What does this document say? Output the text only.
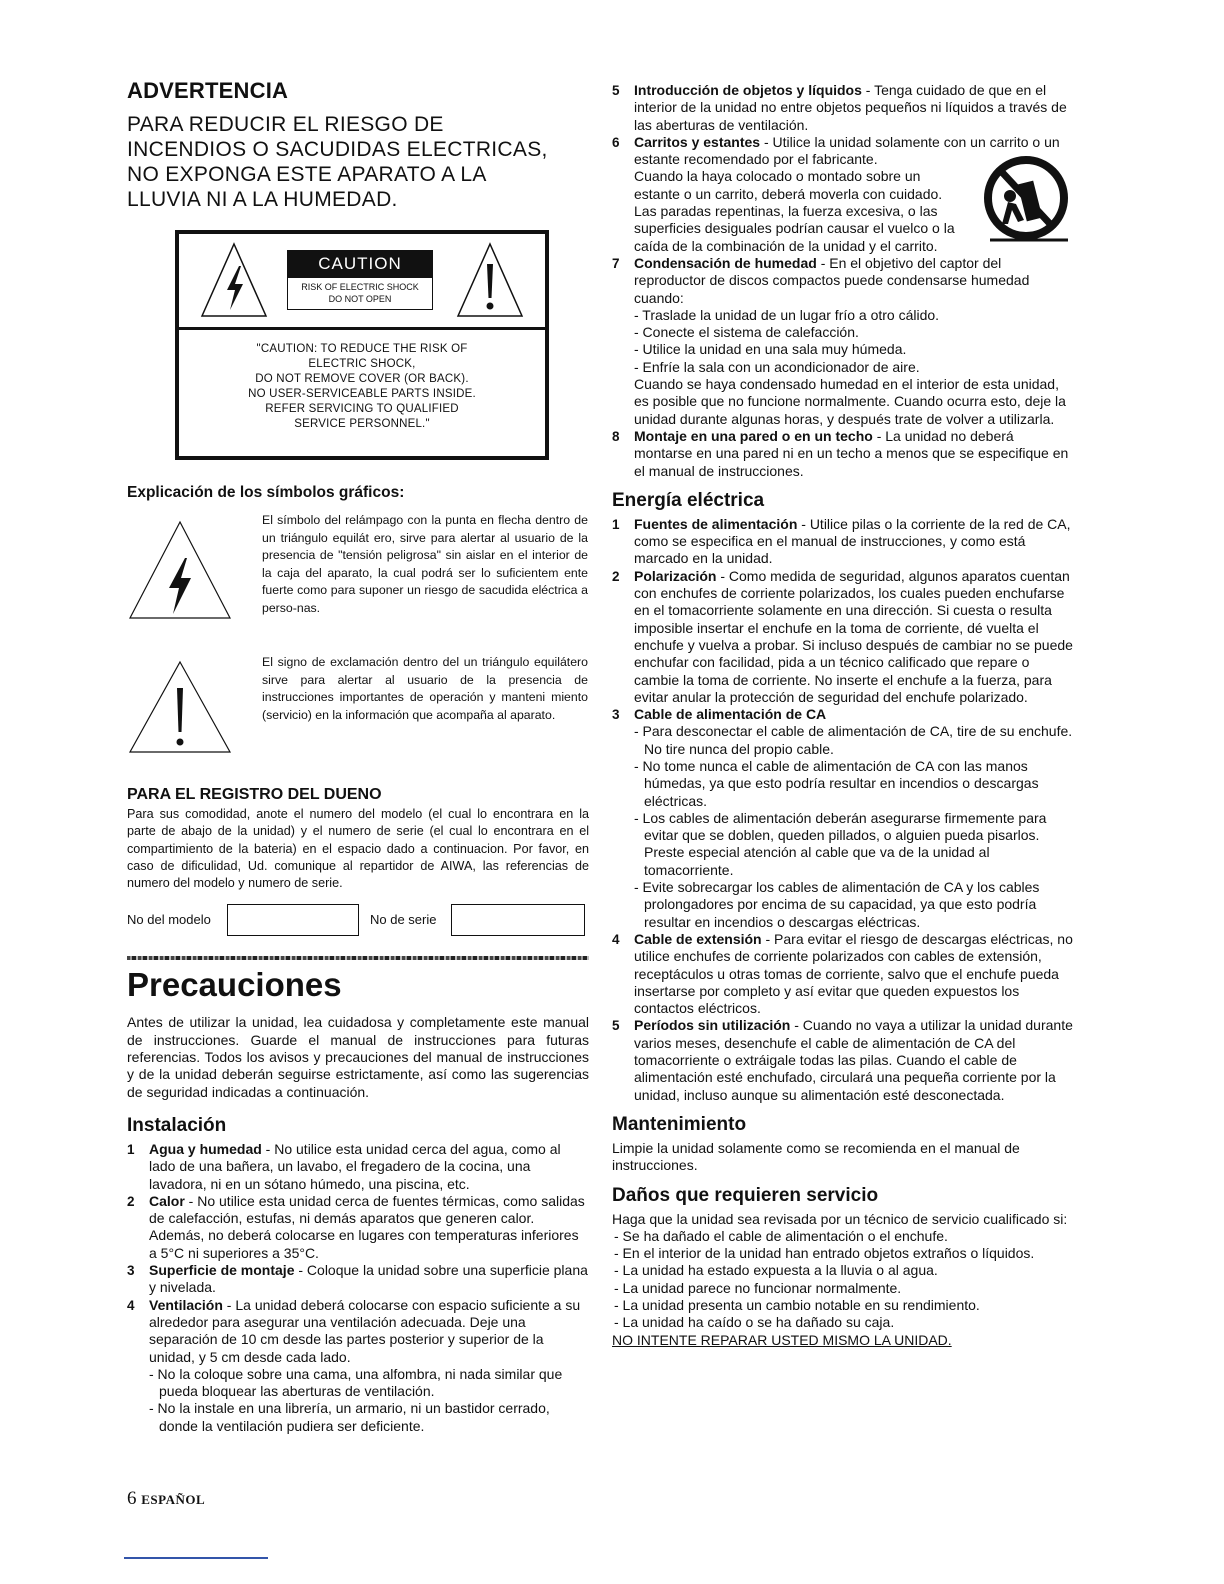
ADVERTENCIA
PARA REDUCIR EL RIESGO DE
INCENDIOS O SACUDIDAS ELECTRICAS,
NO EXPONGA ESTE APARATO A LA
LLUVIA NI A LA HUMEDAD.
CAUTION
RISK OF ELECTRIC SHOCK
DO NOT OPEN
"CAUTION: TO REDUCE THE RISK OF
ELECTRIC SHOCK,
DO NOT REMOVE COVER (OR BACK).
NO USER-SERVICEABLE PARTS INSIDE.
REFER SERVICING TO QUALIFIED
SERVICE PERSONNEL."
Explicación de los símbolos gráficos:
El símbolo del relámpago con la punta en flecha dentro de un triángulo equilát ero, sirve para alertar al usuario de la presencia de "tensión peligrosa" sin aislar en el interior de la caja del aparato, la cual podrá ser lo suficientem ente fuerte como para suponer un riesgo de sacudida eléctrica a perso-nas.
El signo de exclamación dentro del un triángulo equilátero sirve para alertar al usuario de la presencia de instrucciones importantes de operación y manteni miento (servicio) en la información que acompaña al aparato.
PARA EL REGISTRO DEL DUENO

Para sus comodidad, anote el numero del modelo (el cual lo encontrara en la parte de abajo de la unidad) y el numero de serie (el cual lo encontrara en el compartimiento de la bateria) en el espacio dado a continuacion. Por favor, en caso de dificulidad, Ud. comunique al repartidor de AIWA, las referencias de numero del modelo y numero de serie.

No del modelo	No de serie
Precauciones

Antes de utilizar la unidad, lea cuidadosa y completamente este manual de instrucciones. Guarde el manual de instrucciones para futuras referencias. Todos los avisos y precauciones del manual de instrucciones y de la unidad deberán seguirse estrictamente, así como las sugerencias de seguridad indicadas a continuación.

Instalación
1 Agua y humedad - No utilice esta unidad cerca del agua, como al lado de una bañera, un lavabo, el fregadero de la cocina, una lavadora, ni en un sótano húmedo, una piscina, etc.
2 Calor - No utilice esta unidad cerca de fuentes térmicas, como salidas de calefacción, estufas, ni demás aparatos que generen calor.
Además, no deberá colocarse en lugares con temperaturas inferiores a 5°C ni superiores a 35°C.
3 Superficie de montaje - Coloque la unidad sobre una superficie plana y nivelada.
4 Ventilación - La unidad deberá colocarse con espacio suficiente a su alrededor para asegurar una ventilación adecuada. Deje una separación de 10 cm desde las partes posterior y superior de la unidad, y 5 cm desde cada lado.
- No la coloque sobre una cama, una alfombra, ni nada similar que pueda bloquear las aberturas de ventilación.
- No la instale en una librería, un armario, ni un bastidor cerrado, donde la ventilación pudiera ser deficiente.
6 ESPAÑOL
5 Introducción de objetos y líquidos - Tenga cuidado de que en el interior de la unidad no entre objetos pequeños ni líquidos a través de las aberturas de ventilación.
6 Carritos y estantes - Utilice la unidad solamente con un carrito o un estante recomendado por el fabricante.
Cuando la haya colocado o montado sobre un estante o un carrito, deberá moverla con cuidado.
Las paradas repentinas, la fuerza excesiva, o las superficies desiguales podrían causar el vuelco o la caída de la combinación de la unidad y el carrito.
7 Condensación de humedad - En el objetivo del captor del reproductor de discos compactos puede condensarse humedad cuando:
- Traslade la unidad de un lugar frío a otro cálido.
- Conecte el sistema de calefacción.
- Utilice la unidad en una sala muy húmeda.
- Enfríe la sala con un acondicionador de aire.
Cuando se haya condensado humedad en el interior de esta unidad, es posible que no funcione normalmente. Cuando ocurra esto, deje la unidad durante algunas horas, y después trate de volver a utilizarla.
8 Montaje en una pared o en un techo - La unidad no deberá montarse en una pared ni en un techo a menos que se especifique en el manual de instrucciones.
Energía eléctrica
1 Fuentes de alimentación - Utilice pilas o la corriente de la red de CA, como se especifica en el manual de instrucciones, y como está marcado en la unidad.
2 Polarización - Como medida de seguridad, algunos aparatos cuentan con enchufes de corriente polarizados, los cuales pueden enchufarse en el tomacorriente solamente en una dirección. Si cuesta o resulta imposible insertar el enchufe en la toma de corriente, dé vuelta el enchufe y vuelva a probar. Si incluso después de cambiar no se puede enchufar con facilidad, pida a un técnico calificado que repare o cambie la toma de corriente. No inserte el enchufe a la fuerza, para evitar anular la protección de seguridad del enchufe polarizado.
3 Cable de alimentación de CA
- Para desconectar el cable de alimentación de CA, tire de su enchufe. No tire nunca del propio cable.
- No tome nunca el cable de alimentación de CA con las manos húmedas, ya que esto podría resultar en incendios o descargas eléctricas.
- Los cables de alimentación deberán asegurarse firmemente para evitar que se doblen, queden pillados, o alguien pueda pisarlos. Preste especial atención al cable que va de la unidad al tomacorriente.
- Evite sobrecargar los cables de alimentación de CA y los cables prolongadores por encima de su capacidad, ya que esto podría resultar en incendios o descargas eléctricas.
4 Cable de extensión - Para evitar el riesgo de descargas eléctricas, no utilice enchufes de corriente polarizados con cables de extensión, receptáculos u otras tomas de corriente, salvo que el enchufe pueda insertarse por completo y así evitar que queden expuestos los contactos eléctricos.
5 Períodos sin utilización - Cuando no vaya a utilizar la unidad durante varios meses, desenchufe el cable de alimentación de CA del tomacorriente o extráigale todas las pilas. Cuando el cable de alimentación esté enchufado, circulará una pequeña corriente por la unidad, incluso aunque su alimentación esté desconectada.
Mantenimiento

Limpie la unidad solamente como se recomienda en el manual de instrucciones.

Daños que requieren servicio

Haga que la unidad sea revisada por un técnico de servicio cualificado si:

- Se ha dañado el cable de alimentación o el enchufe.
- En el interior de la unidad han entrado objetos extraños o líquidos.
- La unidad ha estado expuesta a la lluvia o al agua.
- La unidad parece no funcionar normalmente.
- La unidad presenta un cambio notable en su rendimiento.
- La unidad ha caído o se ha dañado su caja.

NO INTENTE REPARAR USTED MISMO LA UNIDAD.
